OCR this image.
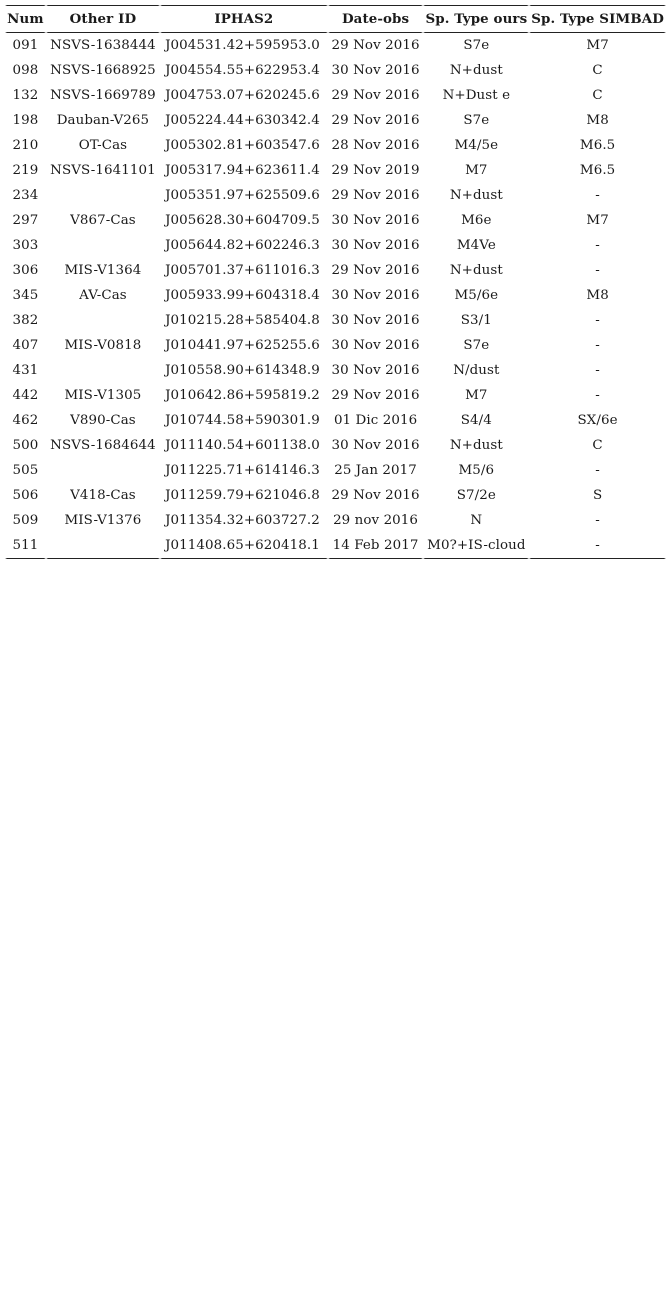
Num	Other ID	IPHAS2	Date-obs	Sp. Type ours	Sp. Type SIMBAD
091	NSVS-1638444	J004531.42+595953.0	29 Nov 2016	S7e	M7
098	NSVS-1668925	J004554.55+622953.4	30 Nov 2016	N+dust	C
132	NSVS-1669789	J004753.07+620245.6	29 Nov 2016	N+Dust e	C
198	Dauban-V265	J005224.44+630342.4	29 Nov 2016	S7e	M8
210	OT-Cas	J005302.81+603547.6	28 Nov 2016	M4/5e	M6.5
219	NSVS-1641101	J005317.94+623611.4	29 Nov 2019	M7	M6.5
234		J005351.97+625509.6	29 Nov 2016	N+dust	-
297	V867-Cas	J005628.30+604709.5	30 Nov 2016	M6e	M7
303		J005644.82+602246.3	30 Nov 2016	M4Ve	-
306	MIS-V1364	J005701.37+611016.3	29 Nov 2016	N+dust	-
345	AV-Cas	J005933.99+604318.4	30 Nov 2016	M5/6e	M8
382		J010215.28+585404.8	30 Nov 2016	S3/1	-
407	MIS-V0818	J010441.97+625255.6	30 Nov 2016	S7e	-
431		J010558.90+614348.9	30 Nov 2016	N/dust	-
442	MIS-V1305	J010642.86+595819.2	29 Nov 2016	M7	-
462	V890-Cas	J010744.58+590301.9	01 Dic 2016	S4/4	SX/6e
500	NSVS-1684644	J011140.54+601138.0	30 Nov 2016	N+dust	C
505		J011225.71+614146.3	25 Jan 2017	M5/6	-
506	V418-Cas	J011259.79+621046.8	29 Nov 2016	S7/2e	S
509	MIS-V1376	J011354.32+603727.2	29 nov 2016	N	-
511		J011408.65+620418.1	14 Feb 2017	M0?+IS-cloud	-
